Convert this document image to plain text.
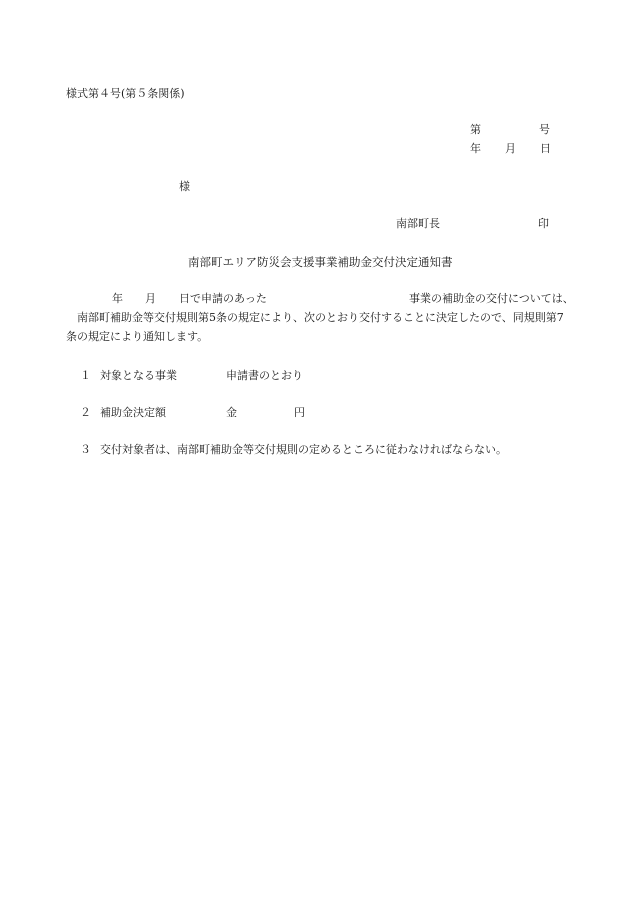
様式第４号(第５条関係)
第	号
年 月 日
様
南部町長	印
南部町エリア防災会支援事業補助金交付決定通知書
年 月 日で申請のあった	事業の補助金の交付については、
南部町補助金等交付規則第5条の規定により、次のとおり交付することに決定したので、同規則第7
条の規定により通知します。
１ 対象となる事業	申請書のとおり
２ 補助金決定額	金	円
３ 交付対象者は、南部町補助金等交付規則の定めるところに従わなければならない。
